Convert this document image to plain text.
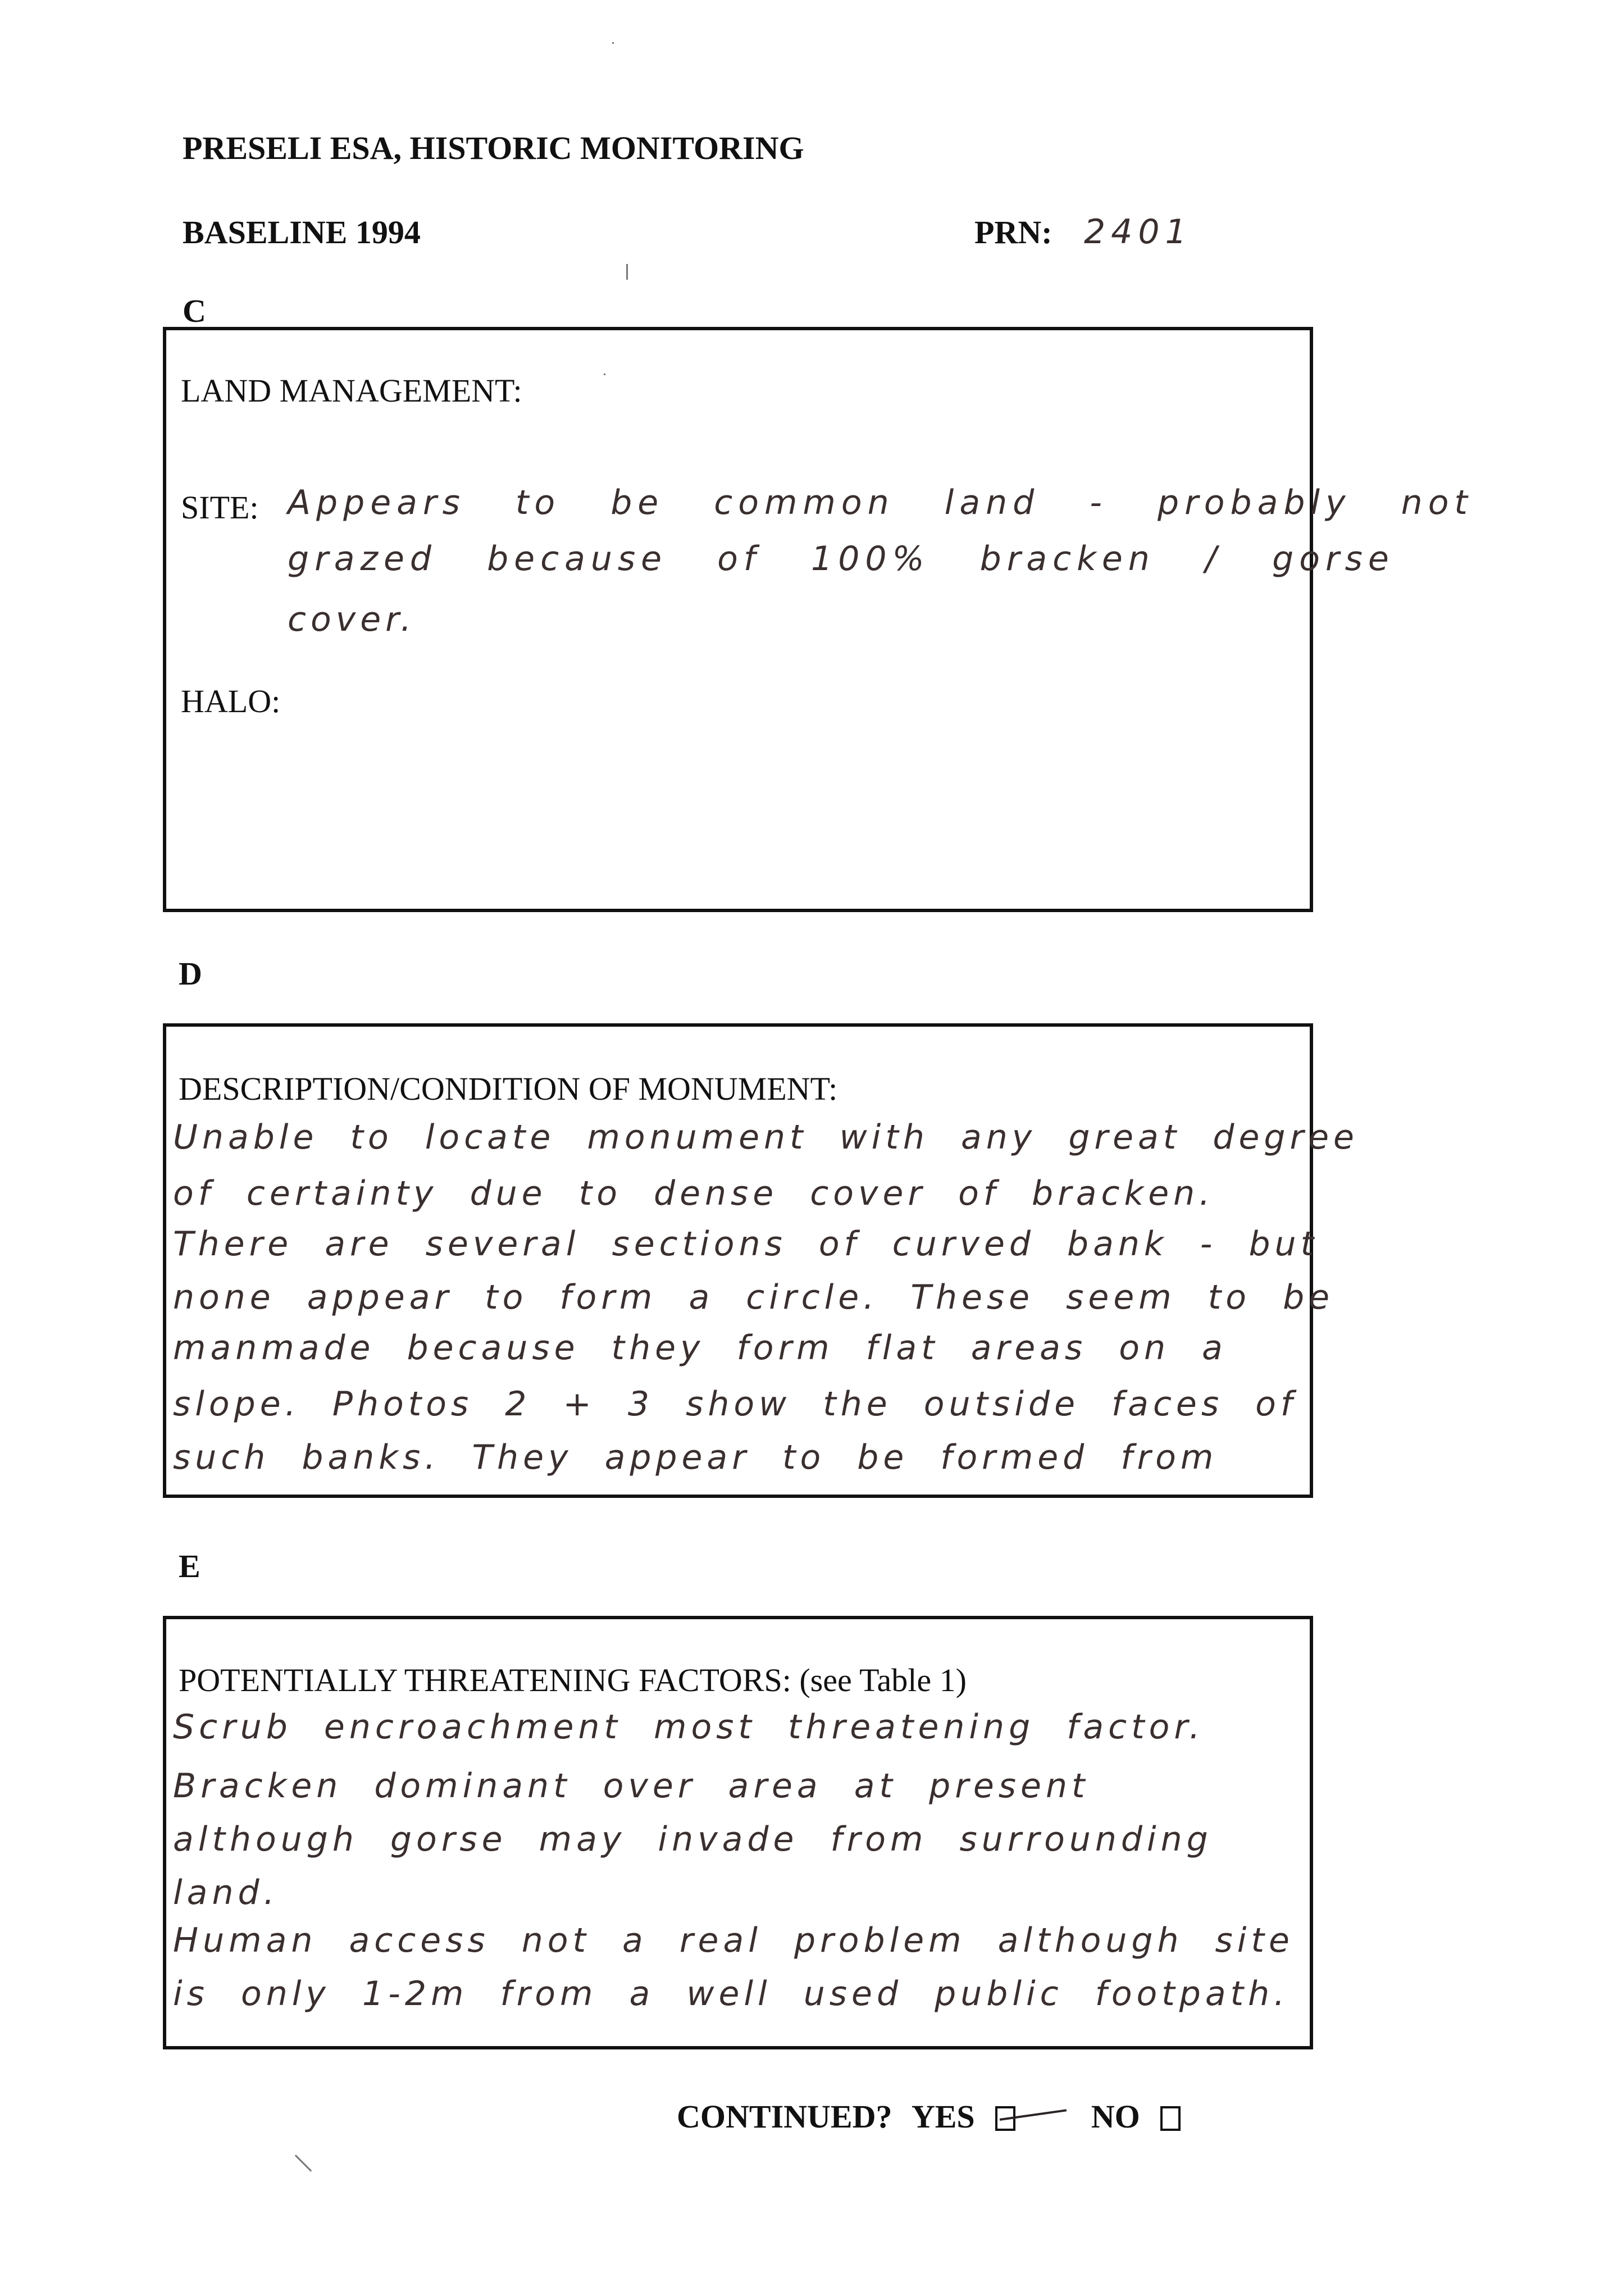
PRESELI ESA, HISTORIC MONITORING
BASELINE 1994	PRN: 2401
C
LAND MANAGEMENT:
SITE: Appears to be common land - probably not
grazed because of 100% bracken / gorse
cover.
HALO:
D
DESCRIPTION/CONDITION OF MONUMENT:
Unable to locate monument with any great degree
of certainty due to dense cover of bracken.
There are several sections of curved bank - but
none appear to form a circle. These seem to be
manmade because they form flat areas on a
slope. Photos 2 + 3 show the outside faces of
such banks. They appear to be formed from
E
POTENTIALLY THREATENING FACTORS: (see Table 1)
Scrub encroachment most threatening factor.
Bracken dominant over area at present
although gorse may invade from surrounding
land.
Human access not a real problem although site
is only 1-2m from a well used public footpath.
CONTINUED? YES	NO
